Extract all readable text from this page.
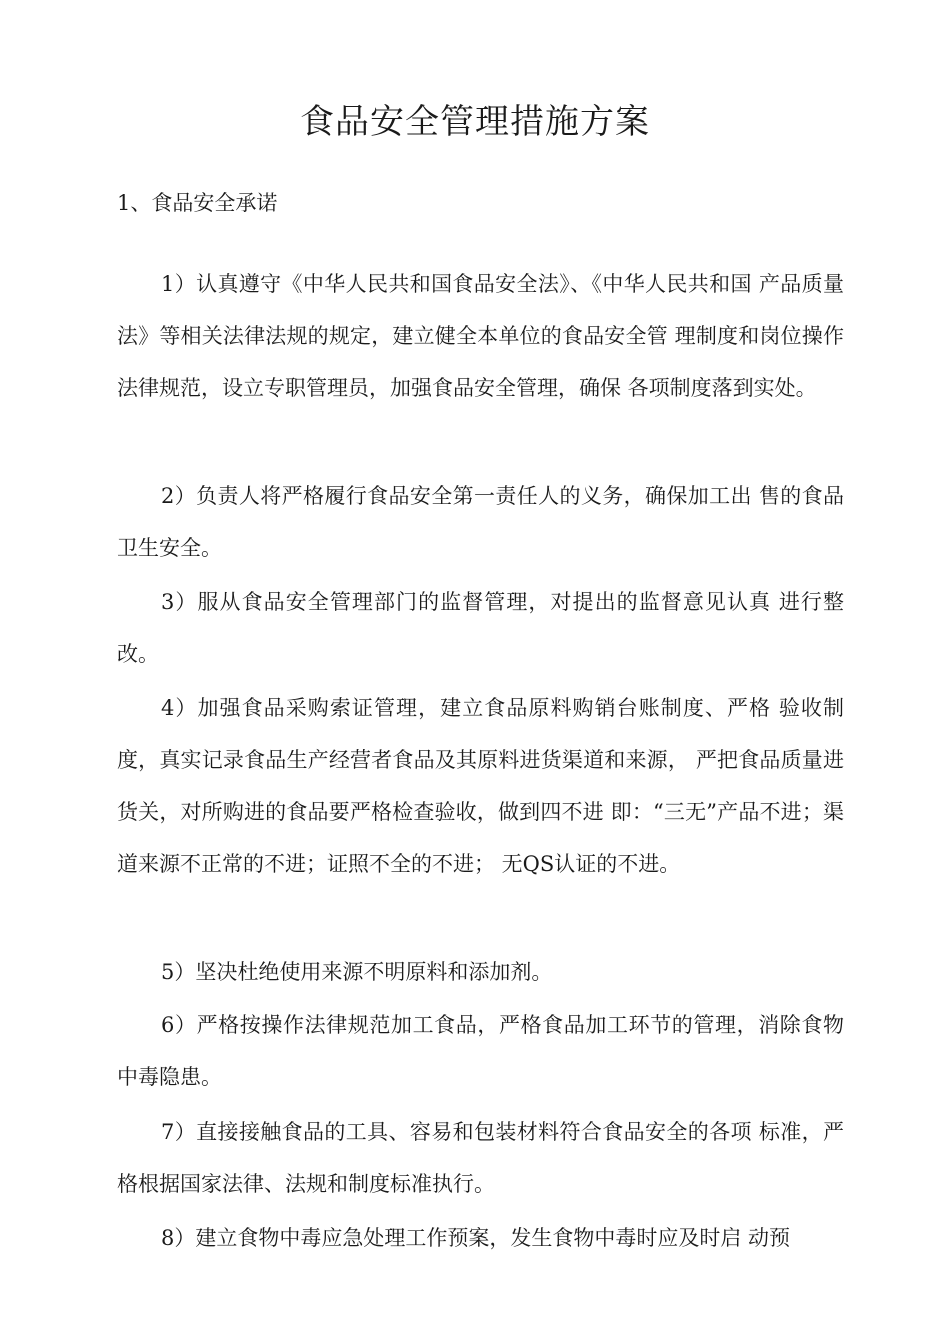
食品安全管理措施方案

1、食品安全承诺

1）认真遵守《中华人民共和国食品安全法》、《中华人民共和国 产品质量法》等相关法律法规的规定，建立健全本单位的食品安全管 理制度和岗位操作法律规范，设立专职管理员，加强食品安全管理，确保 各项制度落到实处。

2）负责人将严格履行食品安全第一责任人的义务，确保加工出 售的食品卫生安全。

3）服从食品安全管理部门的监督管理，对提出的监督意见认真 进行整改。

4）加强食品采购索证管理，建立食品原料购销台账制度、严格 验收制度，真实记录食品生产经营者食品及其原料进货渠道和来源， 严把食品质量进货关，对所购进的食品要严格检查验收，做到四不进 即：“三无”产品不进；渠道来源不正常的不进；证照不全的不进； 无QS认证的不进。

5）坚决杜绝使用来源不明原料和添加剂。

6）严格按操作法律规范加工食品，严格食品加工环节的管理，消除食物中毒隐患。

7）直接接触食品的工具、容易和包装材料符合食品安全的各项 标准，严格根据国家法律、法规和制度标准执行。

8）建立食物中毒应急处理工作预案，发生食物中毒时应及时启 动预
